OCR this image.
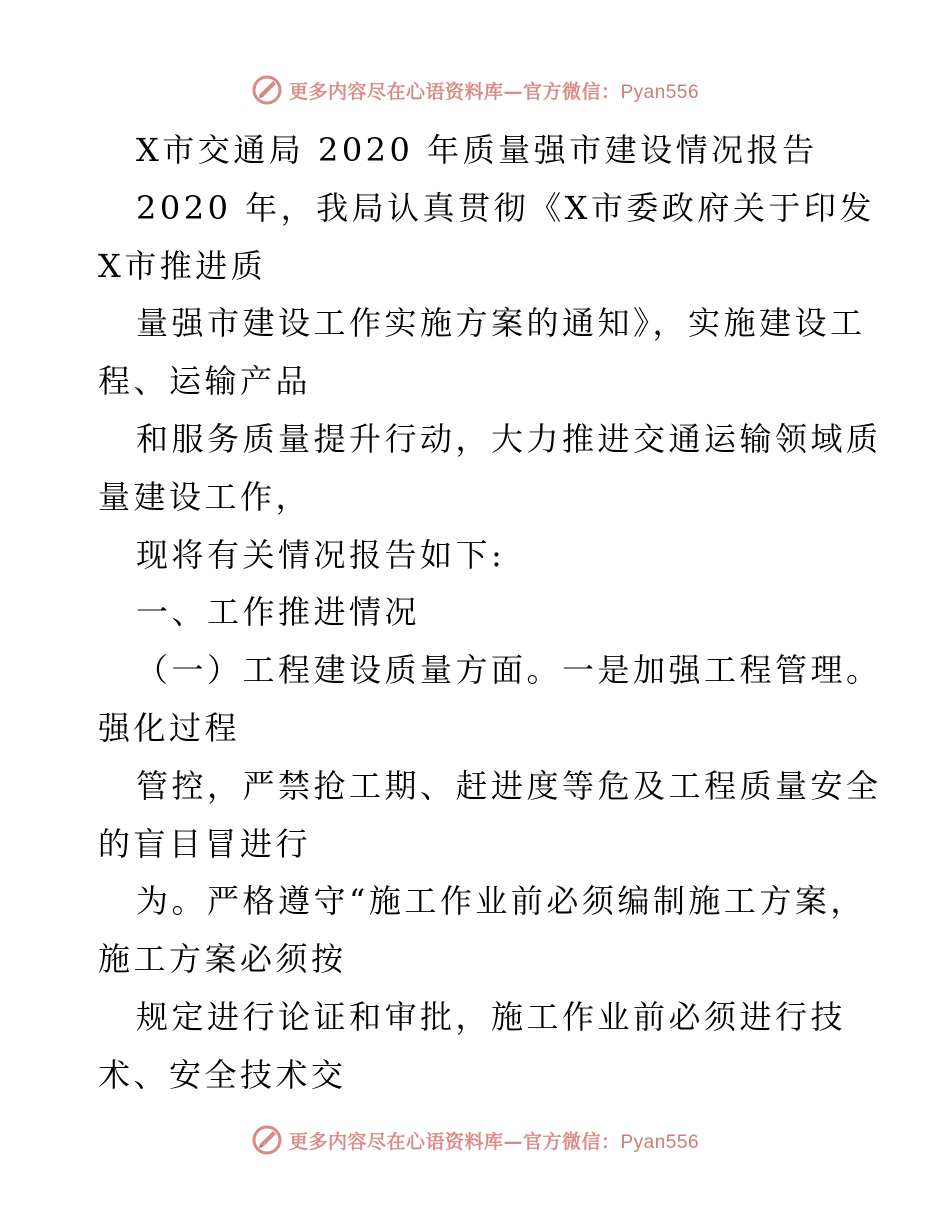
更多内容尽在心语资料库—官方微信：Pyan556
X市交通局 2020 年质量强市建设情况报告
2020 年，我局认真贯彻《X市委政府关于印发
X市推进质
量强市建设工作实施方案的通知》，实施建设工
程、运输产品
和服务质量提升行动，大力推进交通运输领域质
量建设工作，
现将有关情况报告如下:
一、工作推进情况
（一）工程建设质量方面。一是加强工程管理。
强化过程
管控，严禁抢工期、赶进度等危及工程质量安全
的盲目冒进行
为。严格遵守“施工作业前必须编制施工方案，
施工方案必须按
规定进行论证和审批，施工作业前必须进行技
术、安全技术交
更多内容尽在心语资料库—官方微信：Pyan556
